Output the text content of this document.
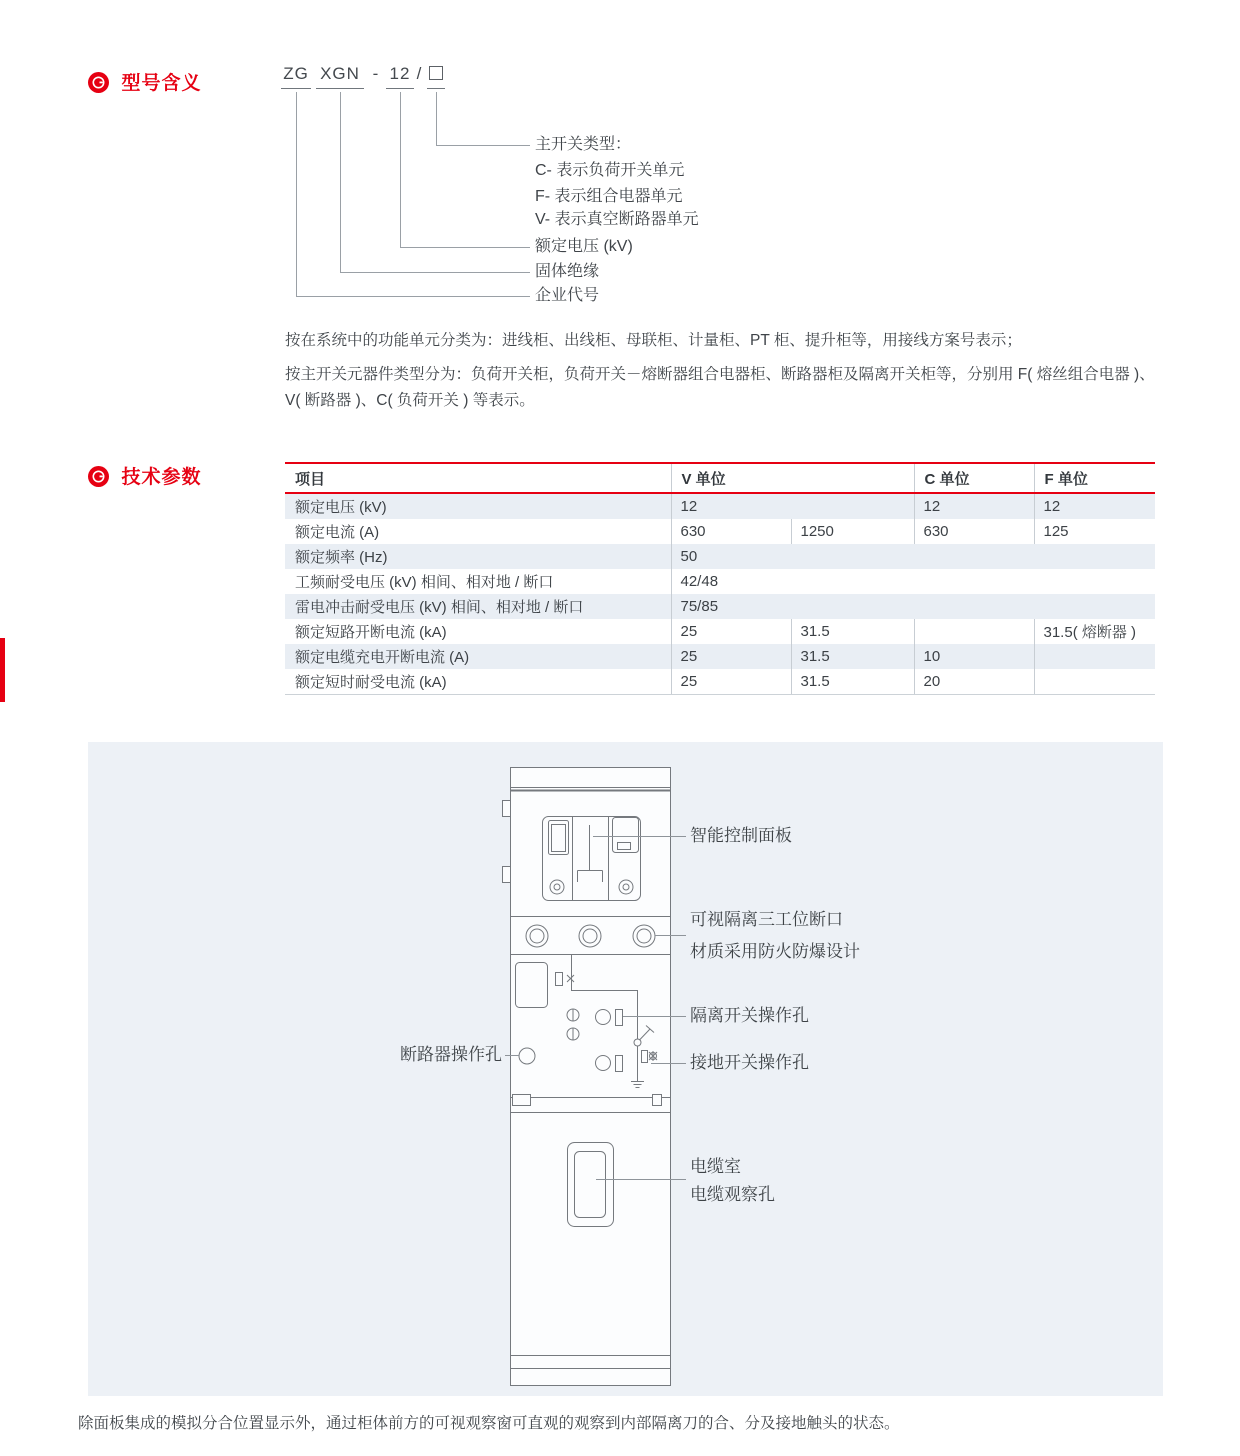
型号含义	ZG XGN - 12 /
主开关类型：
C- 表示负荷开关单元
F- 表示组合电器单元
V- 表示真空断路器单元
额定电压 (kV)
固体绝缘
企业代号
按在系统中的功能单元分类为：进线柜、出线柜、母联柜、计量柜、PT 柜、提升柜等，用接线方案号表示；
按主开关元器件类型分为：负荷开关柜，负荷开关－熔断器组合电器柜、断路器柜及隔离开关柜等，分别用 F( 熔丝组合电器 )、V( 断路器 )、C( 负荷开关 ) 等表示。
技术参数	项目	V 单位		C 单位	F 单位
额定电压 (kV)	12		12	12
额定电流 (A)	630	1250	630	125
额定频率 (Hz)	50			
工频耐受电压 (kV) 相间、相对地 / 断口	42/48			
雷电冲击耐受电压 (kV) 相间、相对地 / 断口	75/85			
额定短路开断电流 (kA)	25	31.5		31.5( 熔断器 )
额定电缆充电开断电流 (A)	25	31.5	10	
额定短时耐受电流 (kA)	25	31.5	20	
智能控制面板
可视隔离三工位断口
材质采用防火防爆设计
隔离开关操作孔
接地开关操作孔
断路器操作孔
电缆室
电缆观察孔
除面板集成的模拟分合位置显示外，通过柜体前方的可视观察窗可直观的观察到内部隔离刀的合、分及接地触头的状态。
